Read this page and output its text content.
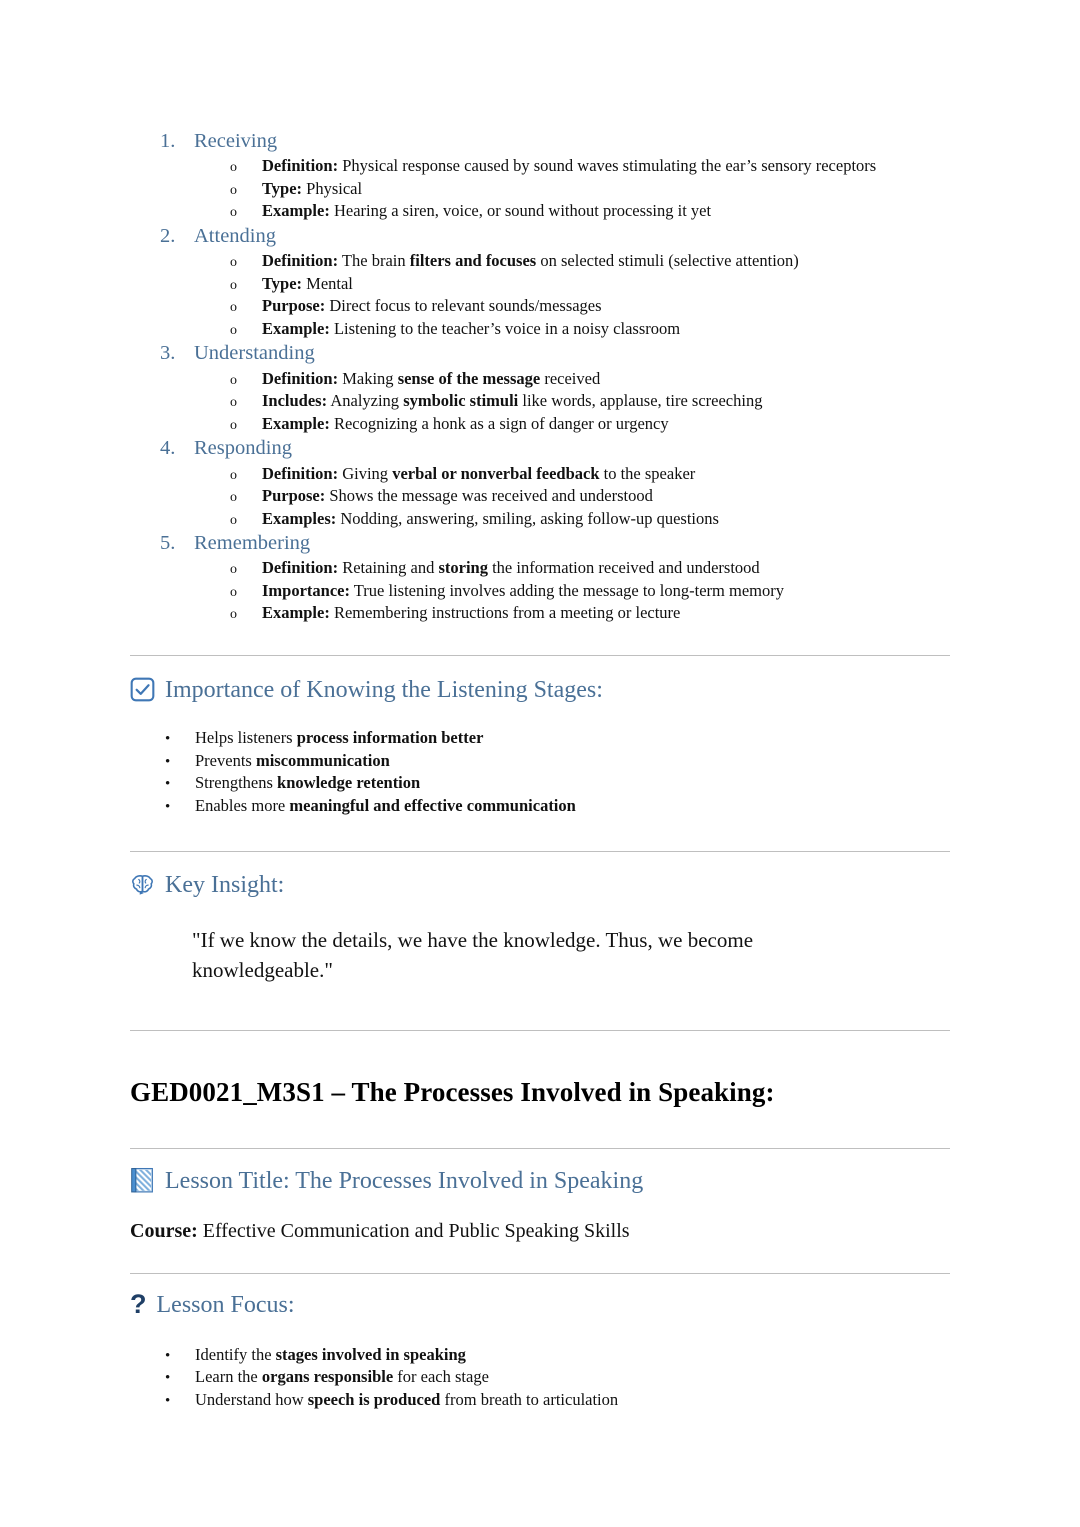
1. Receiving
o	Definition: Physical response caused by sound waves stimulating the ear’s sensory receptors
o	Type: Physical
o	Example: Hearing a siren, voice, or sound without processing it yet
2. Attending
o	Definition: The brain filters and focuses on selected stimuli (selective attention)
o	Type: Mental
o	Purpose: Direct focus to relevant sounds/messages
o	Example: Listening to the teacher’s voice in a noisy classroom
3. Understanding
o	Definition: Making sense of the message received
o	Includes: Analyzing symbolic stimuli like words, applause, tire screeching
o	Example: Recognizing a honk as a sign of danger or urgency
4. Responding
o	Definition: Giving verbal or nonverbal feedback to the speaker
o	Purpose: Shows the message was received and understood
o	Examples: Nodding, answering, smiling, asking follow-up questions
5. Remembering
o	Definition: Retaining and storing the information received and understood
o	Importance: True listening involves adding the message to long-term memory
o	Example: Remembering instructions from a meeting or lecture
Importance of Knowing the Listening Stages:
•	Helps listeners process information better
•	Prevents miscommunication
•	Strengthens knowledge retention
•	Enables more meaningful and effective communication
Key Insight:
"If we know the details, we have the knowledge. Thus, we become knowledgeable."
GED0021_M3S1 – The Processes Involved in Speaking:
Lesson Title: The Processes Involved in Speaking
Course: Effective Communication and Public Speaking Skills
? Lesson Focus:
•	Identify the stages involved in speaking
•	Learn the organs responsible for each stage
•	Understand how speech is produced from breath to articulation
